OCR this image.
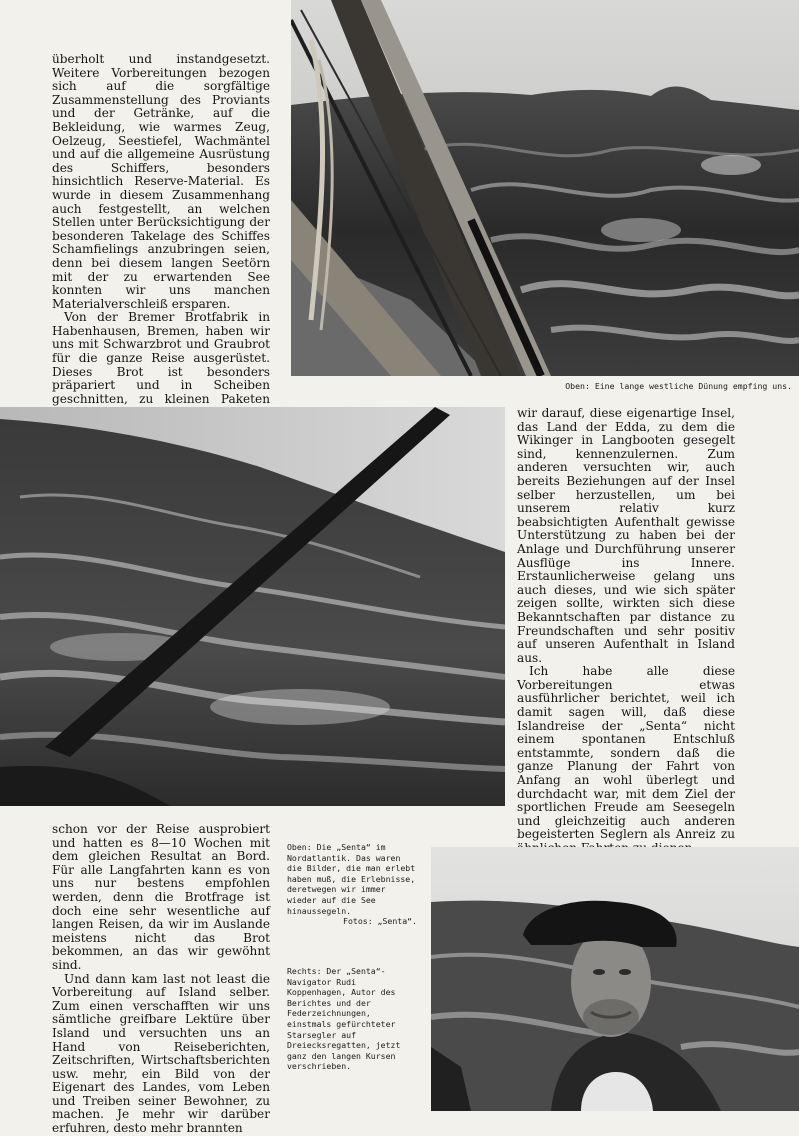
überholt und instandgesetzt. Weitere Vorbereitungen bezogen sich auf die sorgfältige Zusammenstellung des Proviants und der Getränke, auf die Bekleidung, wie warmes Zeug, Oelzeug, Seestiefel, Wachmäntel und auf die allgemeine Ausrüstung des Schiffers, besonders hinsichtlich Reserve-Material. Es wurde in diesem Zusammenhang auch festgestellt, an welchen Stellen unter Berücksichtigung der besonderen Takelage des Schiffes Schamfielings anzubringen seien, denn bei diesem langen Seetörn mit der zu erwartenden See konnten wir uns manchen Materialverschleiß ersparen.

Von der Bremer Brotfabrik in Habenhausen, Bremen, haben wir uns mit Schwarzbrot und Graubrot für die ganze Reise ausgerüstet. Dieses Brot ist besonders präpariert und in Scheiben geschnitten, zu kleinen Paketen

Oben: Eine lange westliche Dünung empfing uns.

wir darauf, diese eigenartige Insel, das Land der Edda, zu dem die Wikinger in Langbooten gesegelt sind, kennenzulernen. Zum anderen versuchten wir, auch bereits Beziehungen auf der Insel selber herzustellen, um bei unserem relativ kurz beabsichtigten Aufenthalt gewisse Unterstützung zu haben bei der Anlage und Durchführung unserer Ausflüge ins Innere. Erstaunlicherweise gelang uns auch dieses, und wie sich später zeigen sollte, wirkten sich diese Bekanntschaften par distance zu Freundschaften und sehr positiv auf unseren Aufenthalt in Island aus.

Ich habe alle diese Vorbereitungen etwas ausführlicher berichtet, weil ich damit sagen will, daß diese Islandreise der „Senta“ nicht einem spontanen Entschluß entstammte, sondern daß die ganze Planung der Fahrt von Anfang an wohl überlegt und durchdacht war, mit dem Ziel der sportlichen Freude am Seesegeln und gleichzeitig auch anderen begeisterten Seglern als Anreiz zu

schon vor der Reise ausprobiert und hatten es 8—10 Wochen mit dem gleichen Resultat an Bord. Für alle Langfahrten kann es von uns nur bestens empfohlen werden, denn die Brotfrage ist doch eine sehr wesentliche auf langen Reisen, da wir im Auslande meistens nicht das Brot bekommen, an das wir gewöhnt sind.

Und dann kam last not least die Vorbereitung auf Island selber. Zum einen verschafften wir uns sämtliche greifbare Lektüre über Island und versuchten uns an Hand von Reiseberichten, Zeitschriften, Wirtschaftsberichten usw. mehr, ein Bild von der Eigenart des Landes, vom Leben und Treiben seiner Bewohner, zu machen. Je mehr wir darüber erfuhren, desto mehr brannten

Oben: Die „Senta“ im Nordatlantik. Das waren die Bilder, die man erlebt haben muß, die Erlebnisse, deretwegen wir immer wieder auf die See hinaussegeln.
Fotos: „Senta“.
Rechts: Der „Senta“-Navigator Rudi Koppenhagen, Autor des Berichtes und der Federzeichnungen, einstmals gefürchteter Starsegler auf Dreiecksregatten, jetzt ganz den langen Kursen verschrieben.
